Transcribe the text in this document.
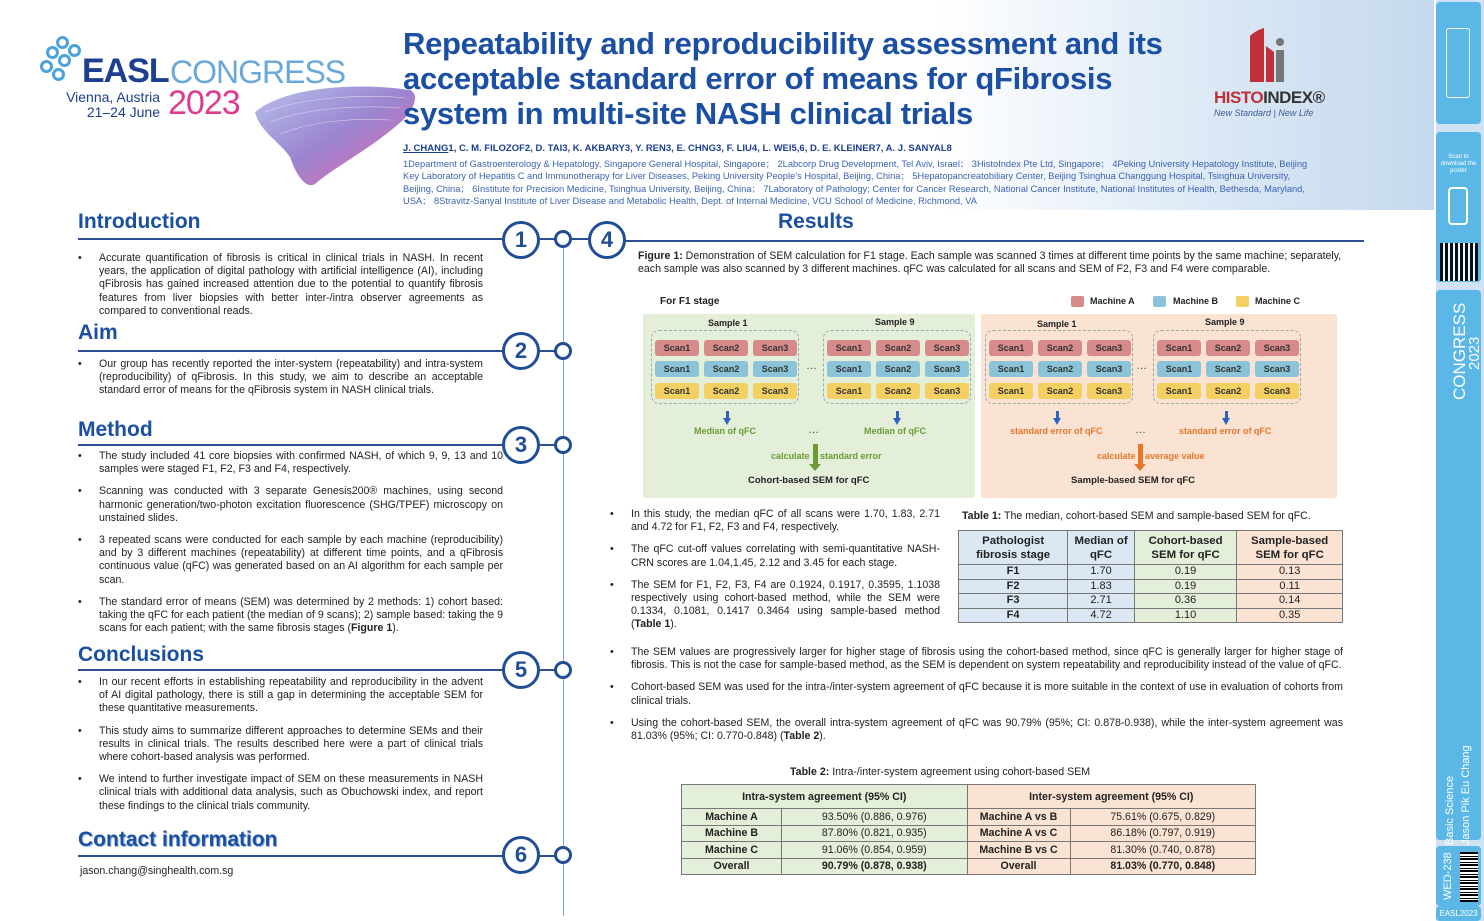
EASL CONGRESS
Vienna, Austria
21–24 June 2023
Repeatability and reproducibility assessment and its acceptable standard error of means for qFibrosis system in multi-site NASH clinical trials	HISTOINDEX®
New Standard | New Life
J. CHANG1, C. M. FILOZOF2, D. TAI3, K. AKBARY3, Y. REN3, E. CHNG3, F. LIU4, L. WEI5,6, D. E. KLEINER7, A. J. SANYAL8
1Department of Gastroenterology & Hepatology, Singapore General Hospital, Singapore； 2Labcorp Drug Development, Tel Aviv, Israel； 3HistoIndex Pte Ltd, Singapore； 4Peking University Hepatology Institute, Beijing Key Laboratory of Hepatitis C and Immunotherapy for Liver Diseases, Peking University People’s Hospital, Beijing, China； 5Hepatopancreatobiliary Center, Beijing Tsinghua Changgung Hospital, Tsinghua University, Beijing, China； 6Institute for Precision Medicine, Tsinghua University, Beijing, China； 7Laboratory of Pathology; Center for Cancer Research, National Cancer Institute, National Institutes of Health, Bethesda, Maryland, USA； 8Stravitz-Sanyal Institute of Liver Disease and Metabolic Health, Dept. of Internal Medicine, VCU School of Medicine, Richmond, VA
Introduction
1	4
Results
• Accurate quantification of fibrosis is critical in clinical trials in NASH. In recent years, the application of digital pathology with artificial intelligence (AI), including qFibrosis has gained increased attention due to the potential to quantify fibrosis features from liver biopsies with better inter-/intra observer agreements as compared to conventional reads.
Aim
2
• Our group has recently reported the inter-system (repeatability) and intra-system (reproducibility) of qFibrosis. In this study, we aim to describe an acceptable standard error of means for the qFibrosis system in NASH clinical trials.
Method
3
• The study included 41 core biopsies with confirmed NASH, of which 9, 9, 13 and 10 samples were staged F1, F2, F3 and F4, respectively.
• Scanning was conducted with 3 separate Genesis200® machines, using second harmonic generation/two-photon excitation fluorescence (SHG/TPEF) microscopy on unstained slides.
• 3 repeated scans were conducted for each sample by each machine (reproducibility) and by 3 different machines (repeatability) at different time points, and a qFibrosis continuous value (qFC) was generated based on an AI algorithm for each sample per scan.
• The standard error of means (SEM) was determined by 2 methods: 1) cohort based: taking the qFC for each patient (the median of 9 scans); 2) sample based: taking the 9 scans for each patient; with the same fibrosis stages (Figure 1).
Conclusions
5
• In our recent efforts in establishing repeatability and reproducibility in the advent of AI digital pathology, there is still a gap in determining the acceptable SEM for these quantitative measurements.
• This study aims to summarize different approaches to determine SEMs and their results in clinical trials. The results described here were a part of clinical trials where cohort-based analysis was performed.
• We intend to further investigate impact of SEM on these measurements in NASH clinical trials with additional data analysis, such as Obuchowski index, and report these findings to the clinical trials community.
Contact information
6
jason.chang@singhealth.com.sg
Figure 1: Demonstration of SEM calculation for F1 stage. Each sample was scanned 3 times at different time points by the same machine; separately, each sample was also scanned by 3 different machines. qFC was calculated for all scans and SEM of F2, F3 and F4 were comparable.
For F1 stage	Machine A	Machine B	Machine C
Sample 1	Sample 9
Scan1	Scan2	Scan3
Scan1	Scan2	Scan3
Scan1	Scan2	Scan3
…
Scan1	Scan2	Scan3
Scan1	Scan2	Scan3
Scan1	Scan2	Scan3
Median of qFC	…	Median of qFC
calculate standard error
Cohort-based SEM for qFC
Sample 1	Sample 9
Scan1	Scan2	Scan3
Scan1	Scan2	Scan3
Scan1	Scan2	Scan3
…
Scan1	Scan2	Scan3
Scan1	Scan2	Scan3
Scan1	Scan2	Scan3
standard error of qFC	…	standard error of qFC
calculate average value
Sample-based SEM for qFC
• In this study, the median qFC of all scans were 1.70, 1.83, 2.71 and 4.72 for F1, F2, F3 and F4, respectively.
• The qFC cut-off values correlating with semi-quantitative NASH-CRN scores are 1.04,1.45, 2.12 and 3.45 for each stage.
• The SEM for F1, F2, F3, F4 are 0.1924, 0.1917, 0.3595, 1.1038 respectively using cohort-based method, while the SEM were 0.1334, 0.1081, 0.1417 0.3464 using sample-based method (Table 1).
Table 1: The median, cohort-based SEM and sample-based SEM for qFC.
Pathologist fibrosis stage	Median of qFC	Cohort-based SEM for qFC	Sample-based SEM for qFC
F1	1.70	0.19	0.13
F2	1.83	0.19	0.11
F3	2.71	0.36	0.14
F4	4.72	1.10	0.35
• The SEM values are progressively larger for higher stage of fibrosis using the cohort-based method, since qFC is generally larger for higher stage of fibrosis. This is not the case for sample-based method, as the SEM is dependent on system repeatability and reproducibility instead of the value of qFC.
• Cohort-based SEM was used for the intra-/inter-system agreement of qFC because it is more suitable in the context of use in evaluation of cohorts from clinical trials.
• Using the cohort-based SEM, the overall intra-system agreement of qFC was 90.79% (95%; CI: 0.878-0.938), while the inter-system agreement was 81.03% (95%; CI: 0.770-0.848) (Table 2).
Table 2: Intra-/inter-system agreement using cohort-based SEM
Intra-system agreement (95% CI)		Inter-system agreement (95% CI)	
Machine A	93.50% (0.886, 0.976)	Machine A vs B	75.61% (0.675, 0.829)
Machine B	87.80% (0.821, 0.935)	Machine A vs C	86.18% (0.797, 0.919)
Machine C	91.06% (0.854, 0.959)	Machine B vs C	81.30% (0.740, 0.878)
Overall	90.79% (0.878, 0.938)	Overall	81.03% (0.770, 0.848)
Scan to download the poster
CONGRESS
2023
Basic Science Jason Pik Eu Chang
WED-238
EASL2023
